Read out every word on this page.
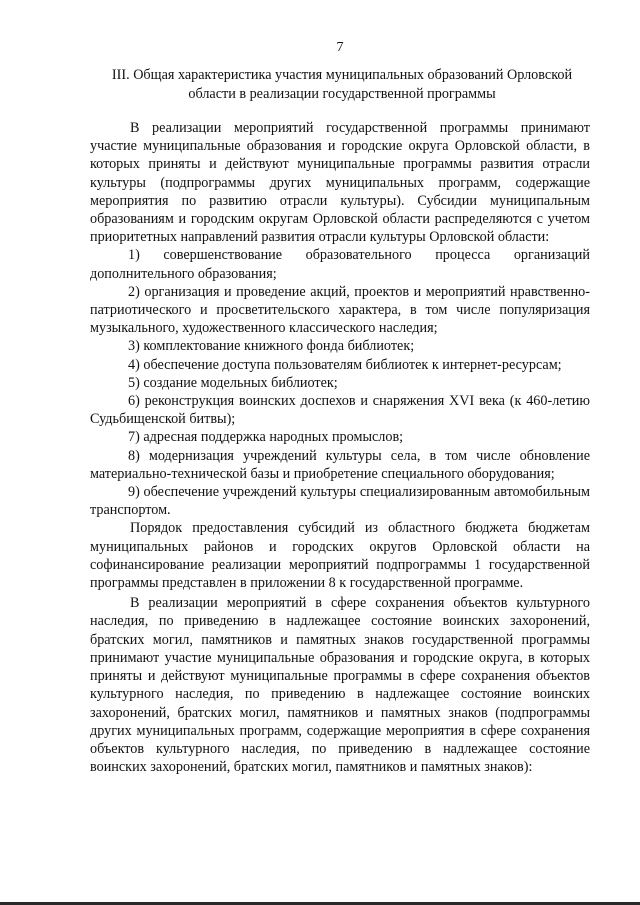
7
III. Общая характеристика участия муниципальных образований Орловской области в реализации государственной программы

В реализации мероприятий государственной программы принимают участие муниципальные образования и городские округа Орловской области, в которых приняты и действуют муниципальные программы развития отрасли культуры (подпрограммы других муниципальных программ, содержащие мероприятия по развитию отрасли культуры). Субсидии муниципальным образованиям и городским округам Орловской области распределяются с учетом приоритетных направлений развития отрасли культуры Орловской области:

1) совершенствование образовательного процесса организаций дополнительного образования;

2) организация и проведение акций, проектов и мероприятий нравственно-патриотического и просветительского характера, в том числе популяризация музыкального, художественного классического наследия;

3) комплектование книжного фонда библиотек;

4) обеспечение доступа пользователям библиотек к интернет-ресурсам;

5) создание модельных библиотек;

6) реконструкция воинских доспехов и снаряжения XVI века (к 460-летию Судьбищенской битвы);

7) адресная поддержка народных промыслов;

8) модернизация учреждений культуры села, в том числе обновление материально-технической базы и приобретение специального оборудования;

9) обеспечение учреждений культуры специализированным автомобильным транспортом.

Порядок предоставления субсидий из областного бюджета бюджетам муниципальных районов и городских округов Орловской области на софинансирование реализации мероприятий подпрограммы 1 государственной программы представлен в приложении 8 к государственной программе.

В реализации мероприятий в сфере сохранения объектов культурного наследия, по приведению в надлежащее состояние воинских захоронений, братских могил, памятников и памятных знаков государственной программы принимают участие муниципальные образования и городские округа, в которых приняты и действуют муниципальные программы в сфере сохранения объектов культурного наследия, по приведению в надлежащее состояние воинских захоронений, братских могил, памятников и памятных знаков (подпрограммы других муниципальных программ, содержащие мероприятия в сфере сохранения объектов культурного наследия, по приведению в надлежащее состояние воинских захоронений, братских могил, памятников и памятных знаков):
